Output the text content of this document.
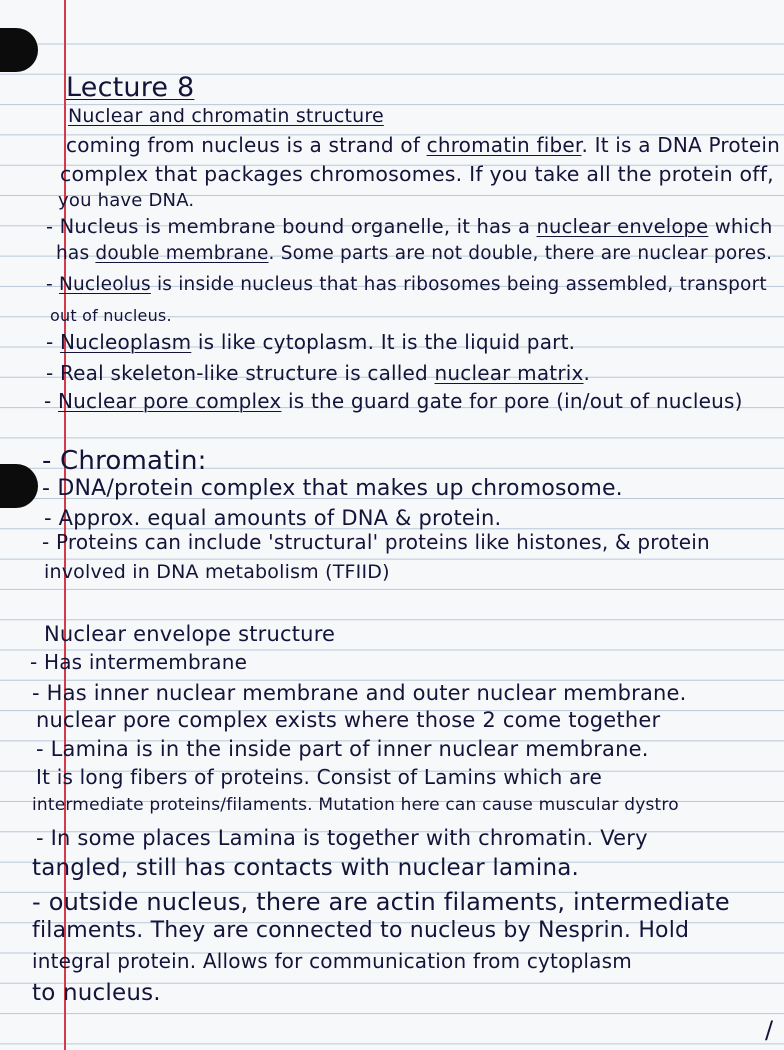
Lecture 8
Nuclear and chromatin structure
coming from nucleus is a strand of chromatin fiber. It is a DNA Protein
complex that packages chromosomes. If you take all the protein off,
you have DNA.
- Nucleus is membrane bound organelle, it has a nuclear envelope which
has double membrane. Some parts are not double, there are nuclear pores.
- Nucleolus is inside nucleus that has ribosomes being assembled, transport
out of nucleus.
- Nucleoplasm is like cytoplasm. It is the liquid part.
- Real skeleton-like structure is called nuclear matrix.
- Nuclear pore complex is the guard gate for pore (in/out of nucleus)
- Chromatin:
- DNA/protein complex that makes up chromosome.
- Approx. equal amounts of DNA & protein.
- Proteins can include 'structural' proteins like histones, & protein
involved in DNA metabolism (TFIID)
Nuclear envelope structure
- Has intermembrane
- Has inner nuclear membrane and outer nuclear membrane.
nuclear pore complex exists where those 2 come together
- Lamina is in the inside part of inner nuclear membrane.
It is long fibers of proteins. Consist of Lamins which are
intermediate proteins/filaments. Mutation here can cause muscular dystro
- In some places Lamina is together with chromatin. Very
tangled, still has contacts with nuclear lamina.
- outside nucleus, there are actin filaments, intermediate
filaments. They are connected to nucleus by Nesprin. Hold
integral protein. Allows for communication from cytoplasm
to nucleus.
/
